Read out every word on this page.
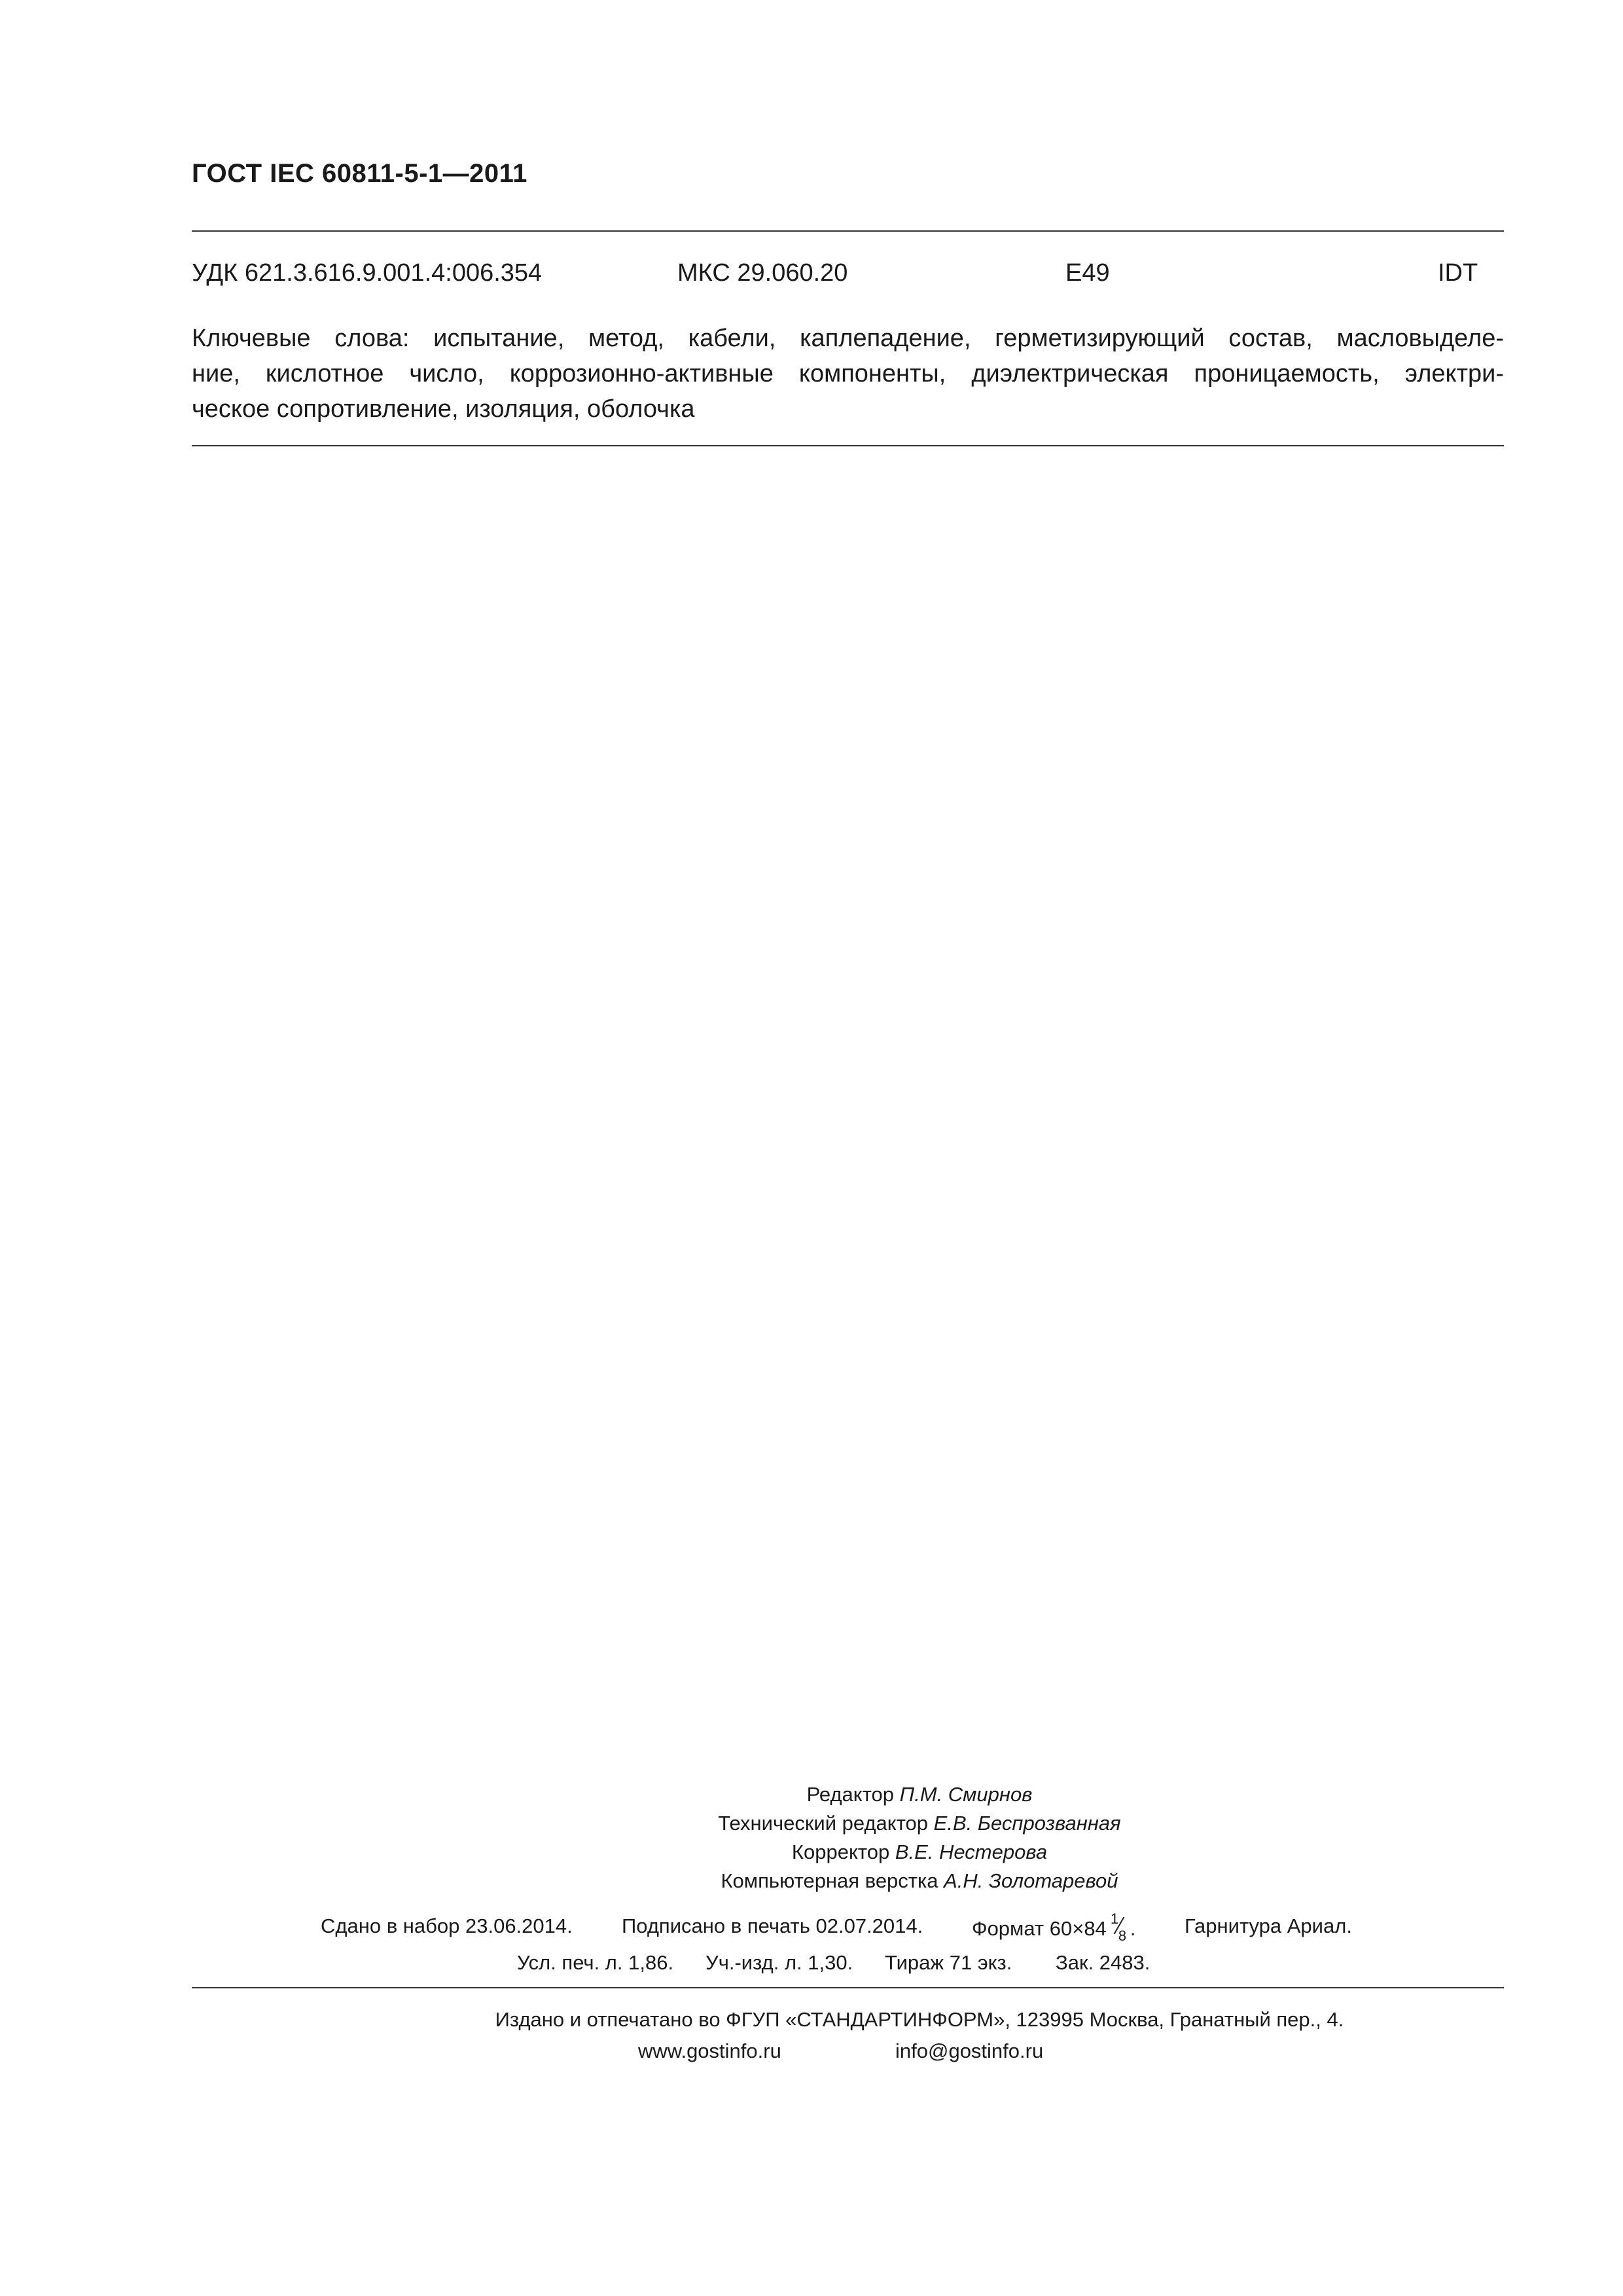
ГОСТ IEC 60811-5-1—2011
УДК 621.3.616.9.001.4:006.354	МКС 29.060.20	E49	IDT
Ключевые слова: испытание, метод, кабели, каплепадение, герметизирующий состав, масловыделе-
ние, кислотное число, коррозионно-активные компоненты, диэлектрическая проницаемость, электри-
ческое сопротивление, изоляция, оболочка
Редактор П.М. Смирнов
Технический редактор Е.В. Беспрозванная
Корректор В.Е. Нестерова
Компьютерная верстка А.Н. Золотаревой
Сдано в набор 23.06.2014. Подписано в печать 02.07.2014. Формат 60×84 1
8 . Гарнитура Ариал.
Усл. печ. л. 1,86. Уч.-изд. л. 1,30. Тираж 71 экз. Зак. 2483.
Издано и отпечатано во ФГУП «СТАНДАРТИНФОРМ», 123995 Москва, Гранатный пер., 4.
www.gostinfo.ru	info@gostinfo.ru
